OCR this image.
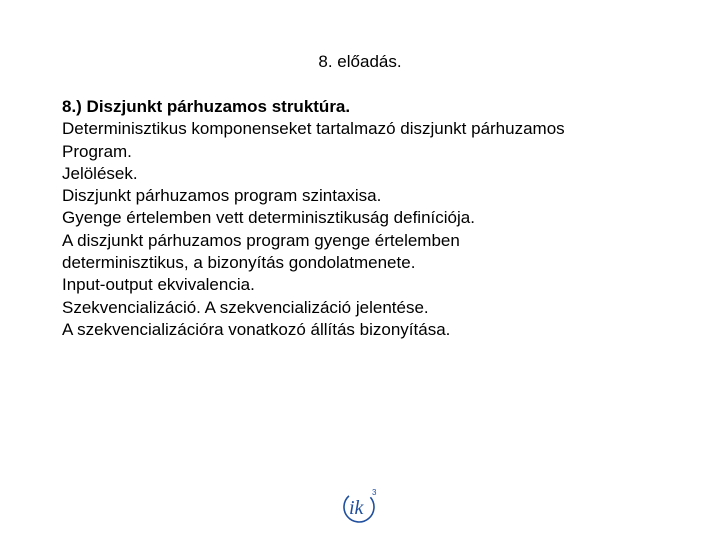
8. előadás.
8.) Diszjunkt párhuzamos struktúra.
Determinisztikus komponenseket tartalmazó diszjunkt párhuzamos
Program.
Jelölések.
Diszjunkt párhuzamos program szintaxisa.
Gyenge értelemben vett determinisztikuság definíciója.
A diszjunkt párhuzamos program gyenge értelemben
determinisztikus, a bizonyítás gondolatmenete.
Input-output ekvivalencia.
Szekvencializáció. A szekvencializáció jelentése.
A szekvencializációra vonatkozó állítás bizonyítása.
ik
3
